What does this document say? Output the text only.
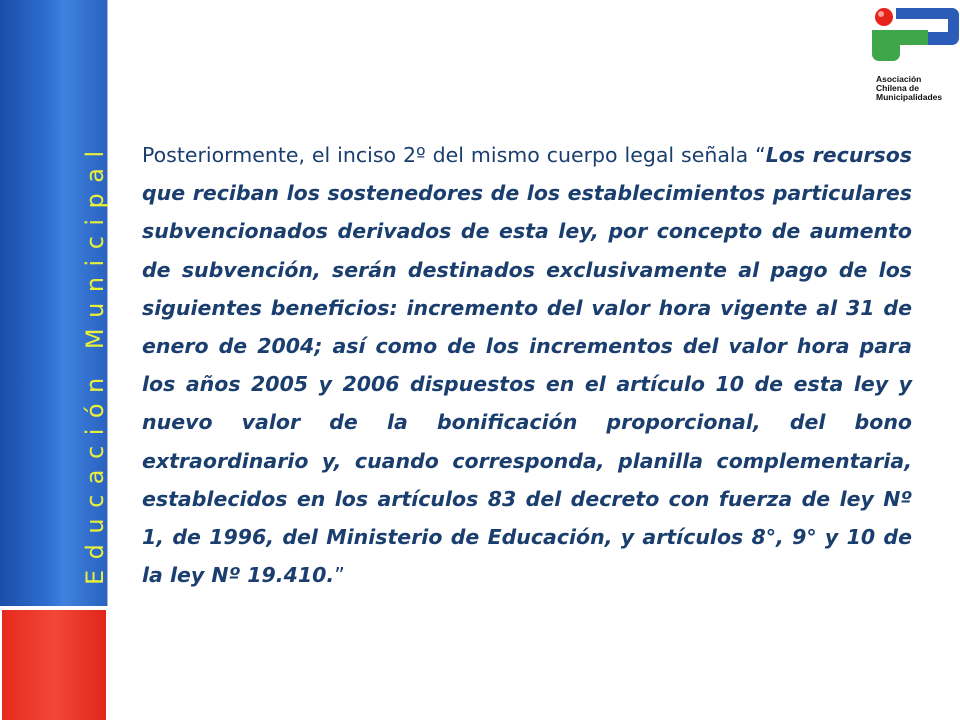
Educación Municipal
Asociación
Chilena de
Municipalidades
Posteriormente, el inciso 2º del mismo cuerpo legal señala “Los recursos que reciban los sostenedores de los establecimientos particulares subvencionados derivados de esta ley, por concepto de aumento de subvención, serán destinados exclusivamente al pago de los siguientes beneficios: incremento del valor hora vigente al 31 de enero de 2004; así como de los incrementos del valor hora para los años 2005 y 2006 dispuestos en el artículo 10 de esta ley y nuevo valor de la bonificación proporcional, del bono extraordinario y, cuando corresponda, planilla complementaria, establecidos en los artículos 83 del decreto con fuerza de ley Nº 1, de 1996, del Ministerio de Educación, y artículos 8°, 9° y 10 de la ley Nº 19.410.”
